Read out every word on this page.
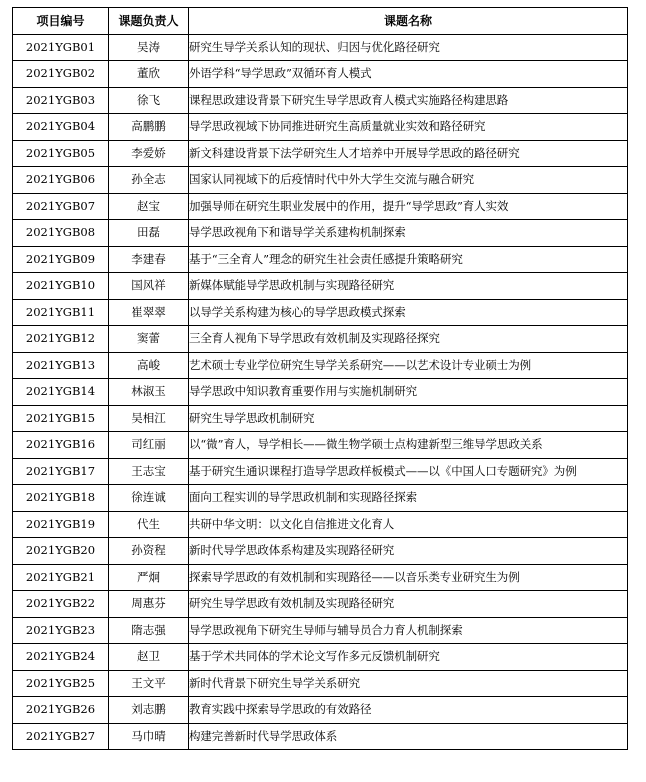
项目编号	课题负责人	课题名称
2021YGB01	吴涛	研究生导学关系认知的现状、归因与优化路径研究
2021YGB02	董欣	外语学科“导学思政”双循环育人模式
2021YGB03	徐飞	课程思政建设背景下研究生导学思政育人模式实施路径构建思路
2021YGB04	高鹏鹏	导学思政视域下协同推进研究生高质量就业实效和路径研究
2021YGB05	李爱娇	新文科建设背景下法学研究生人才培养中开展导学思政的路径研究
2021YGB06	孙全志	国家认同视域下的后疫情时代中外大学生交流与融合研究
2021YGB07	赵宝	加强导师在研究生职业发展中的作用，提升“导学思政”育人实效
2021YGB08	田磊	导学思政视角下和谐导学关系建构机制探索
2021YGB09	李建春	基于“三全育人”理念的研究生社会责任感提升策略研究
2021YGB10	国风祥	新媒体赋能导学思政机制与实现路径研究
2021YGB11	崔翠翠	以导学关系构建为核心的导学思政模式探索
2021YGB12	窦蕾	三全育人视角下导学思政有效机制及实现路径探究
2021YGB13	高峻	艺术硕士专业学位研究生导学关系研究——以艺术设计专业硕士为例
2021YGB14	林淑玉	导学思政中知识教育重要作用与实施机制研究
2021YGB15	吴相江	研究生导学思政机制研究
2021YGB16	司红丽	以“微”育人，导学相长——微生物学硕士点构建新型三维导学思政关系
2021YGB17	王志宝	基于研究生通识课程打造导学思政样板模式——以《中国人口专题研究》为例
2021YGB18	徐连诚	面向工程实训的导学思政机制和实现路径探索
2021YGB19	代生	共研中华文明：以文化自信推进文化育人
2021YGB20	孙资程	新时代导学思政体系构建及实现路径研究
2021YGB21	严炯	探索导学思政的有效机制和实现路径——以音乐类专业研究生为例
2021YGB22	周惠芬	研究生导学思政有效机制及实现路径研究
2021YGB23	隋志强	导学思政视角下研究生导师与辅导员合力育人机制探索
2021YGB24	赵卫	基于学术共同体的学术论文写作多元反馈机制研究
2021YGB25	王文平	新时代背景下研究生导学关系研究
2021YGB26	刘志鹏	教育实践中探索导学思政的有效路径
2021YGB27	马巾晴	构建完善新时代导学思政体系
